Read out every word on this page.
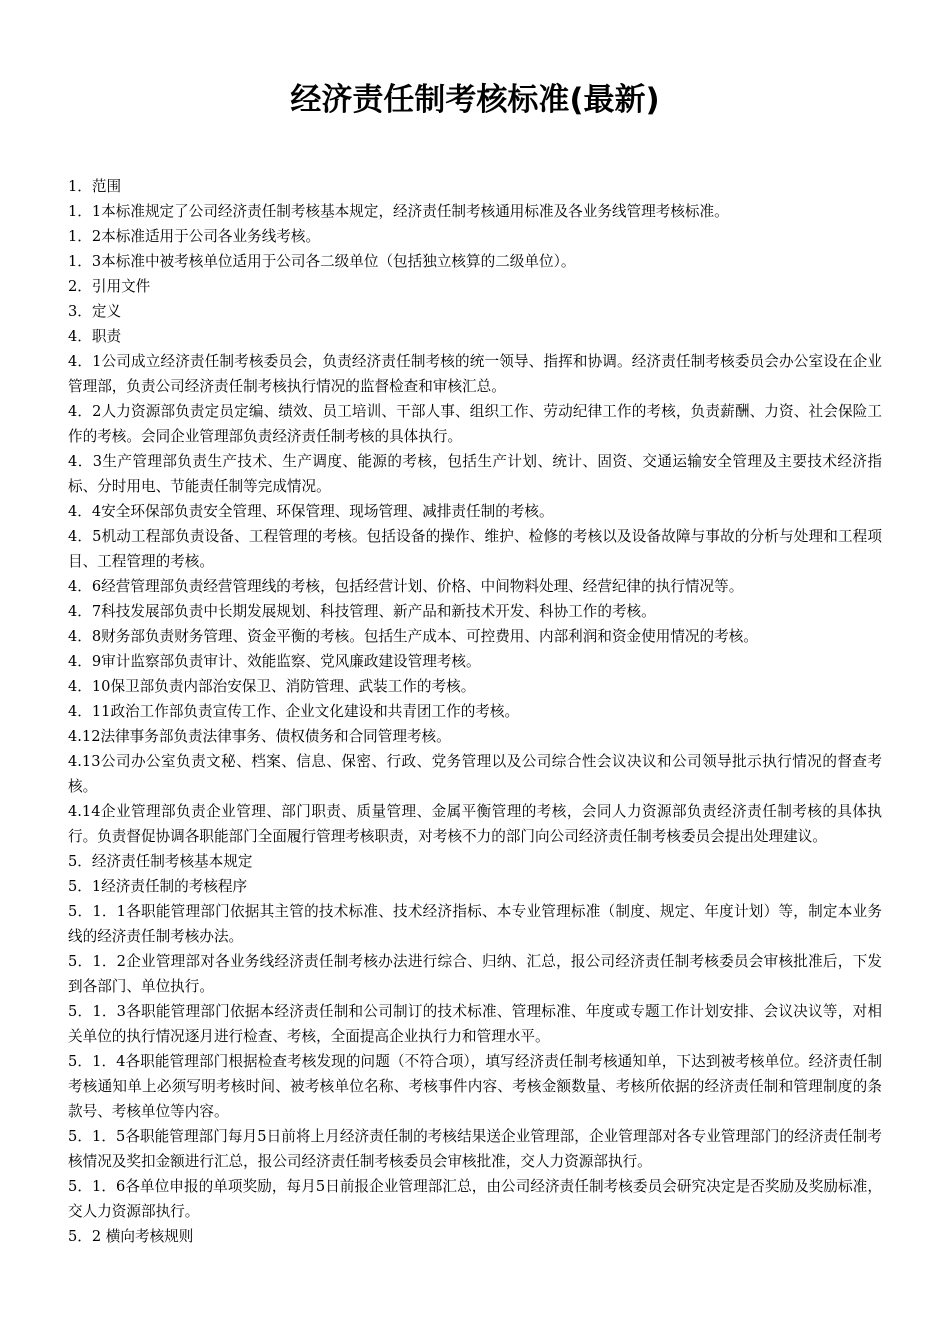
经济责任制考核标准(最新)

1．范围

1．1本标准规定了公司经济责任制考核基本规定，经济责任制考核通用标准及各业务线管理考核标准。

1．2本标准适用于公司各业务线考核。

1．3本标准中被考核单位适用于公司各二级单位（包括独立核算的二级单位）。

2．引用文件

3．定义

4．职责

4．1公司成立经济责任制考核委员会，负责经济责任制考核的统一领导、指挥和协调。经济责任制考核委员会办公室设在企业管理部，负责公司经济责任制考核执行情况的监督检查和审核汇总。

4．2人力资源部负责定员定编、绩效、员工培训、干部人事、组织工作、劳动纪律工作的考核，负责薪酬、力资、社会保险工作的考核。会同企业管理部负责经济责任制考核的具体执行。

4．3生产管理部负责生产技术、生产调度、能源的考核，包括生产计划、统计、固资、交通运输安全管理及主要技术经济指标、分时用电、节能责任制等完成情况。

4．4安全环保部负责安全管理、环保管理、现场管理、减排责任制的考核。

4．5机动工程部负责设备、工程管理的考核。包括设备的操作、维护、检修的考核以及设备故障与事故的分析与处理和工程项目、工程管理的考核。

4．6经营管理部负责经营管理线的考核，包括经营计划、价格、中间物料处理、经营纪律的执行情况等。

4．7科技发展部负责中长期发展规划、科技管理、新产品和新技术开发、科协工作的考核。

4．8财务部负责财务管理、资金平衡的考核。包括生产成本、可控费用、内部利润和资金使用情况的考核。

4．9审计监察部负责审计、效能监察、党风廉政建设管理考核。

4．10保卫部负责内部治安保卫、消防管理、武装工作的考核。

4．11政治工作部负责宣传工作、企业文化建设和共青团工作的考核。

4.12法律事务部负责法律事务、债权债务和合同管理考核。

4.13公司办公室负责文秘、档案、信息、保密、行政、党务管理以及公司综合性会议决议和公司领导批示执行情况的督查考核。

4.14企业管理部负责企业管理、部门职责、质量管理、金属平衡管理的考核，会同人力资源部负责经济责任制考核的具体执行。负责督促协调各职能部门全面履行管理考核职责，对考核不力的部门向公司经济责任制考核委员会提出处理建议。

5．经济责任制考核基本规定

5．1经济责任制的考核程序

5．1．1各职能管理部门依据其主管的技术标准、技术经济指标、本专业管理标准（制度、规定、年度计划）等，制定本业务线的经济责任制考核办法。

5．1．2企业管理部对各业务线经济责任制考核办法进行综合、归纳、汇总，报公司经济责任制考核委员会审核批准后，下发到各部门、单位执行。

5．1．3各职能管理部门依据本经济责任制和公司制订的技术标准、管理标准、年度或专题工作计划安排、会议决议等，对相关单位的执行情况逐月进行检查、考核，全面提高企业执行力和管理水平。

5．1．4各职能管理部门根据检查考核发现的问题（不符合项），填写经济责任制考核通知单，下达到被考核单位。经济责任制考核通知单上必须写明考核时间、被考核单位名称、考核事件内容、考核金额数量、考核所依据的经济责任制和管理制度的条款号、考核单位等内容。

5．1．5各职能管理部门每月5日前将上月经济责任制的考核结果送企业管理部，企业管理部对各专业管理部门的经济责任制考核情况及奖扣金额进行汇总，报公司经济责任制考核委员会审核批准，交人力资源部执行。

5．1．6各单位申报的单项奖励，每月5日前报企业管理部汇总，由公司经济责任制考核委员会研究决定是否奖励及奖励标准，交人力资源部执行。

5．2 横向考核规则
